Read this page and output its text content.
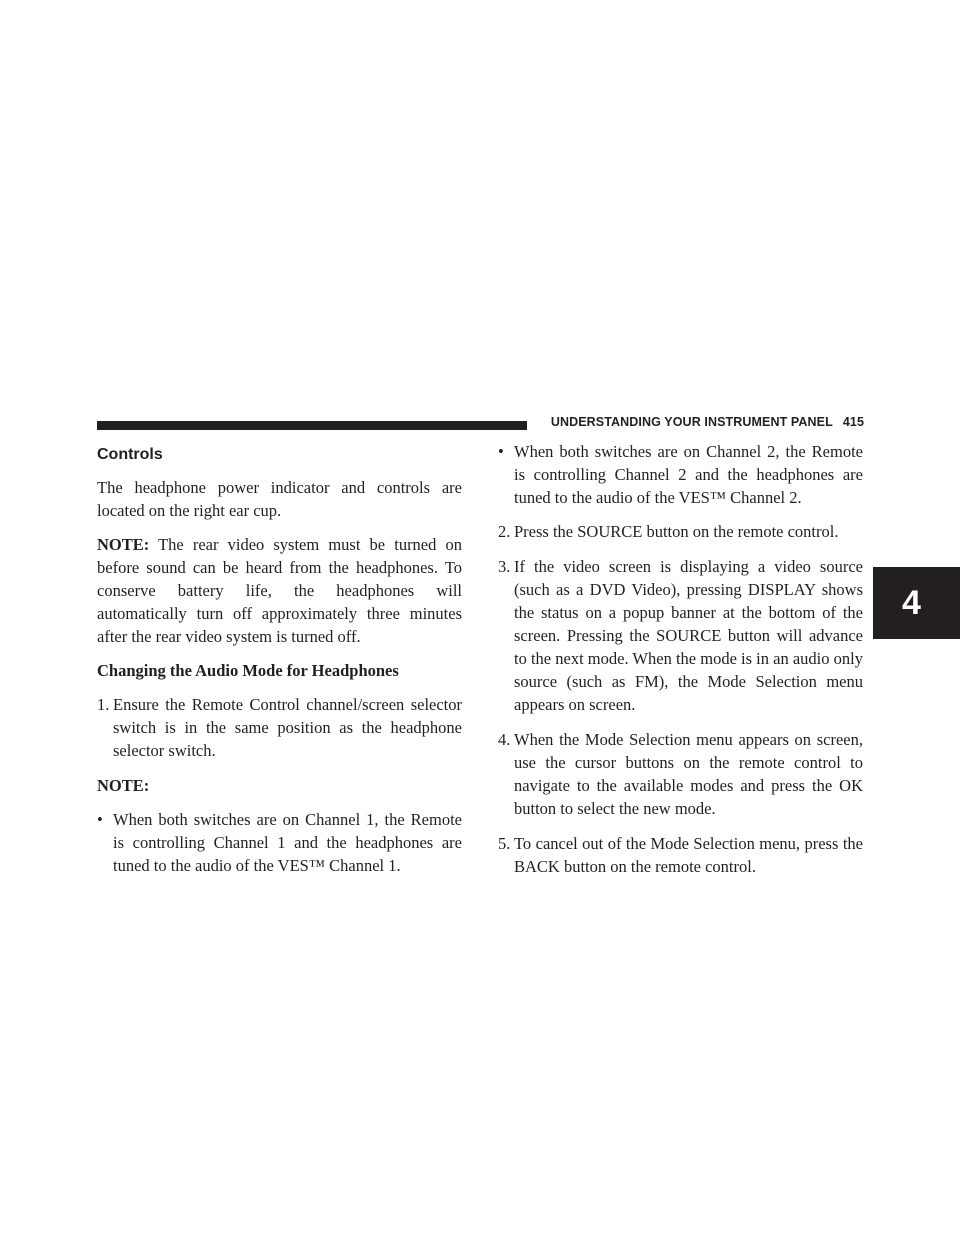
UNDERSTANDING YOUR INSTRUMENT PANEL 415
4
Controls

The headphone power indicator and controls are located on the right ear cup.

NOTE: The rear video system must be turned on before sound can be heard from the headphones. To conserve battery life, the headphones will automatically turn off approximately three minutes after the rear video system is turned off.

Changing the Audio Mode for Headphones

1. Ensure the Remote Control channel/screen selector switch is in the same position as the headphone selector switch.
NOTE:
• When both switches are on Channel 1, the Remote is controlling Channel 1 and the headphones are tuned to the audio of the VES™ Channel 1.
• When both switches are on Channel 2, the Remote is controlling Channel 2 and the headphones are tuned to the audio of the VES™ Channel 2.
2. Press the SOURCE button on the remote control.
3. If the video screen is displaying a video source (such as a DVD Video), pressing DISPLAY shows the status on a popup banner at the bottom of the screen. Pressing the SOURCE button will advance to the next mode. When the mode is in an audio only source (such as FM), the Mode Selection menu appears on screen.
4. When the Mode Selection menu appears on screen, use the cursor buttons on the remote control to navigate to the available modes and press the OK button to select the new mode.
5. To cancel out of the Mode Selection menu, press the BACK button on the remote control.
